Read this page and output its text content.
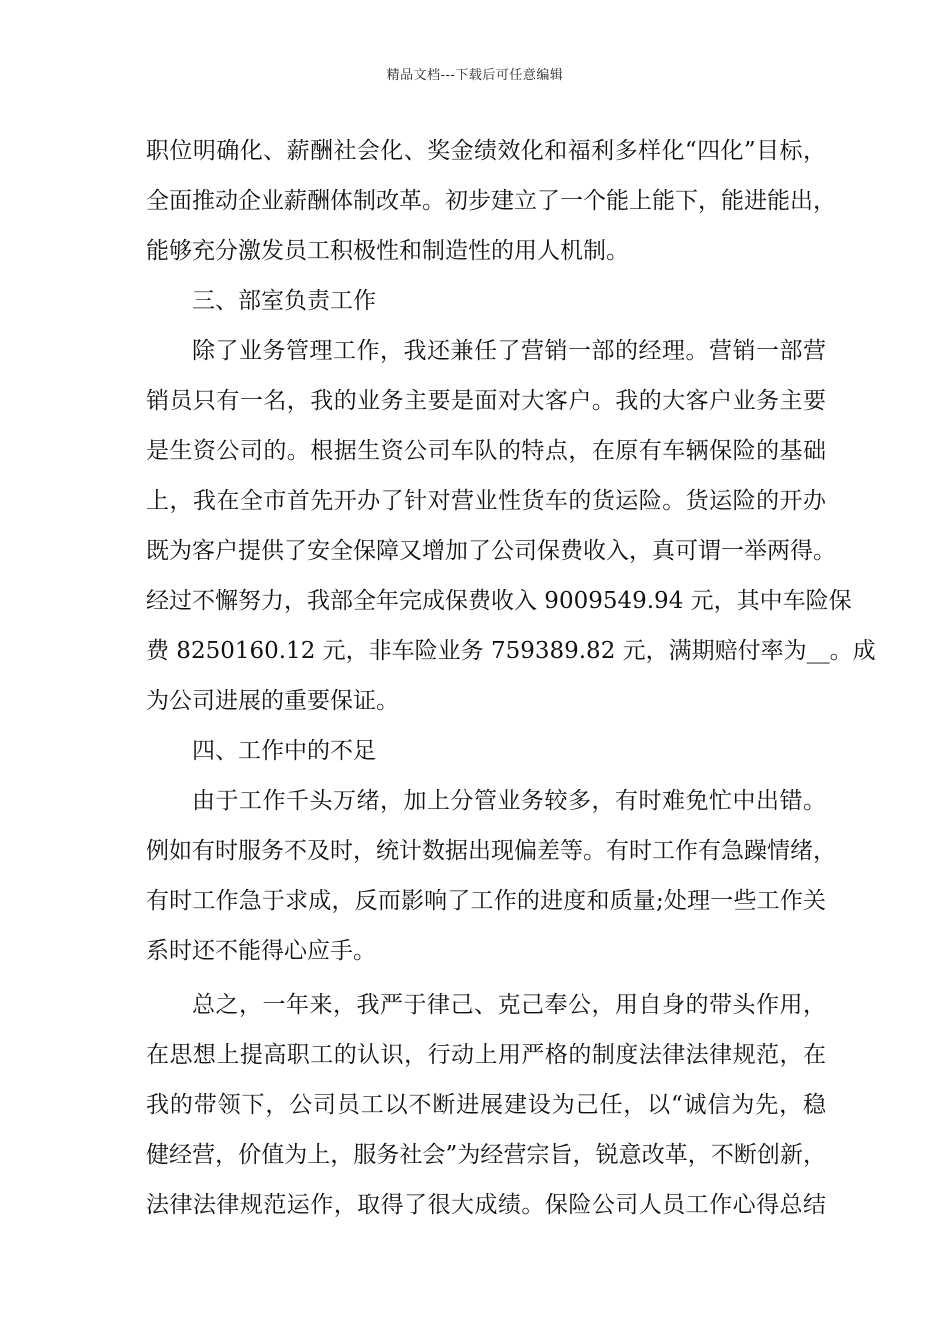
精品文档---下载后可任意编辑
职位明确化、薪酬社会化、奖金绩效化和福利多样化“四化”目标，
全面推动企业薪酬体制改革。初步建立了一个能上能下，能进能出，
能够充分激发员工积极性和制造性的用人机制。
三、部室负责工作
除了业务管理工作，我还兼任了营销一部的经理。营销一部营
销员只有一名，我的业务主要是面对大客户。我的大客户业务主要
是生资公司的。根据生资公司车队的特点，在原有车辆保险的基础
上，我在全市首先开办了针对营业性货车的货运险。货运险的开办
既为客户提供了安全保障又增加了公司保费收入，真可谓一举两得。
经过不懈努力，我部全年完成保费收入 9009549.94 元，其中车险保
费 8250160.12 元，非车险业务 759389.82 元，满期赔付率为__。成
为公司进展的重要保证。
四、工作中的不足
由于工作千头万绪，加上分管业务较多，有时难免忙中出错。
例如有时服务不及时，统计数据出现偏差等。有时工作有急躁情绪，
有时工作急于求成，反而影响了工作的进度和质量;处理一些工作关
系时还不能得心应手。
总之，一年来，我严于律己、克己奉公，用自身的带头作用，
在思想上提高职工的认识，行动上用严格的制度法律法律规范，在
我的带领下，公司员工以不断进展建设为己任，以“诚信为先，稳
健经营，价值为上，服务社会”为经营宗旨，锐意改革，不断创新，
法律法律规范运作，取得了很大成绩。保险公司人员工作心得总结
